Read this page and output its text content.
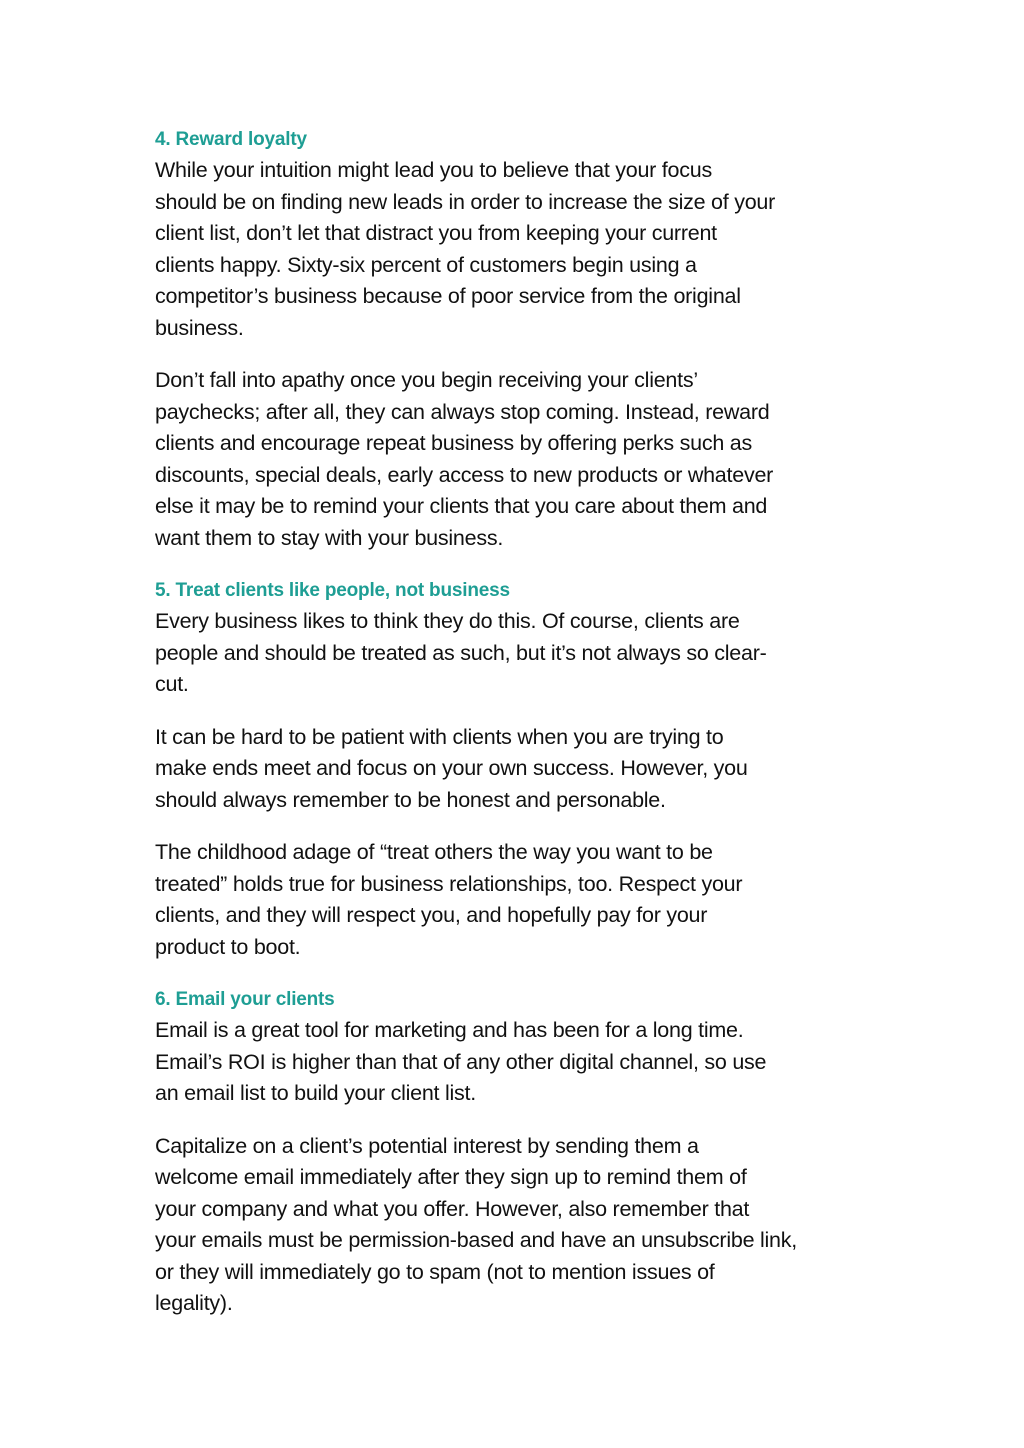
4. Reward loyalty

While your intuition might lead you to believe that your focus
should be on finding new leads in order to increase the size of your
client list, don’t let that distract you from keeping your current
clients happy. Sixty-six percent of customers begin using a
competitor’s business because of poor service from the original
business.

Don’t fall into apathy once you begin receiving your clients’
paychecks; after all, they can always stop coming. Instead, reward
clients and encourage repeat business by offering perks such as
discounts, special deals, early access to new products or whatever
else it may be to remind your clients that you care about them and
want them to stay with your business.

5. Treat clients like people, not business

Every business likes to think they do this. Of course, clients are
people and should be treated as such, but it’s not always so clear-
cut.

It can be hard to be patient with clients when you are trying to
make ends meet and focus on your own success. However, you
should always remember to be honest and personable.

The childhood adage of “treat others the way you want to be
treated” holds true for business relationships, too. Respect your
clients, and they will respect you, and hopefully pay for your
product to boot.

6. Email your clients

Email is a great tool for marketing and has been for a long time.
Email’s ROI is higher than that of any other digital channel, so use
an email list to build your client list.

Capitalize on a client’s potential interest by sending them a
welcome email immediately after they sign up to remind them of
your company and what you offer. However, also remember that
your emails must be permission-based and have an unsubscribe link,
or they will immediately go to spam (not to mention issues of
legality).
